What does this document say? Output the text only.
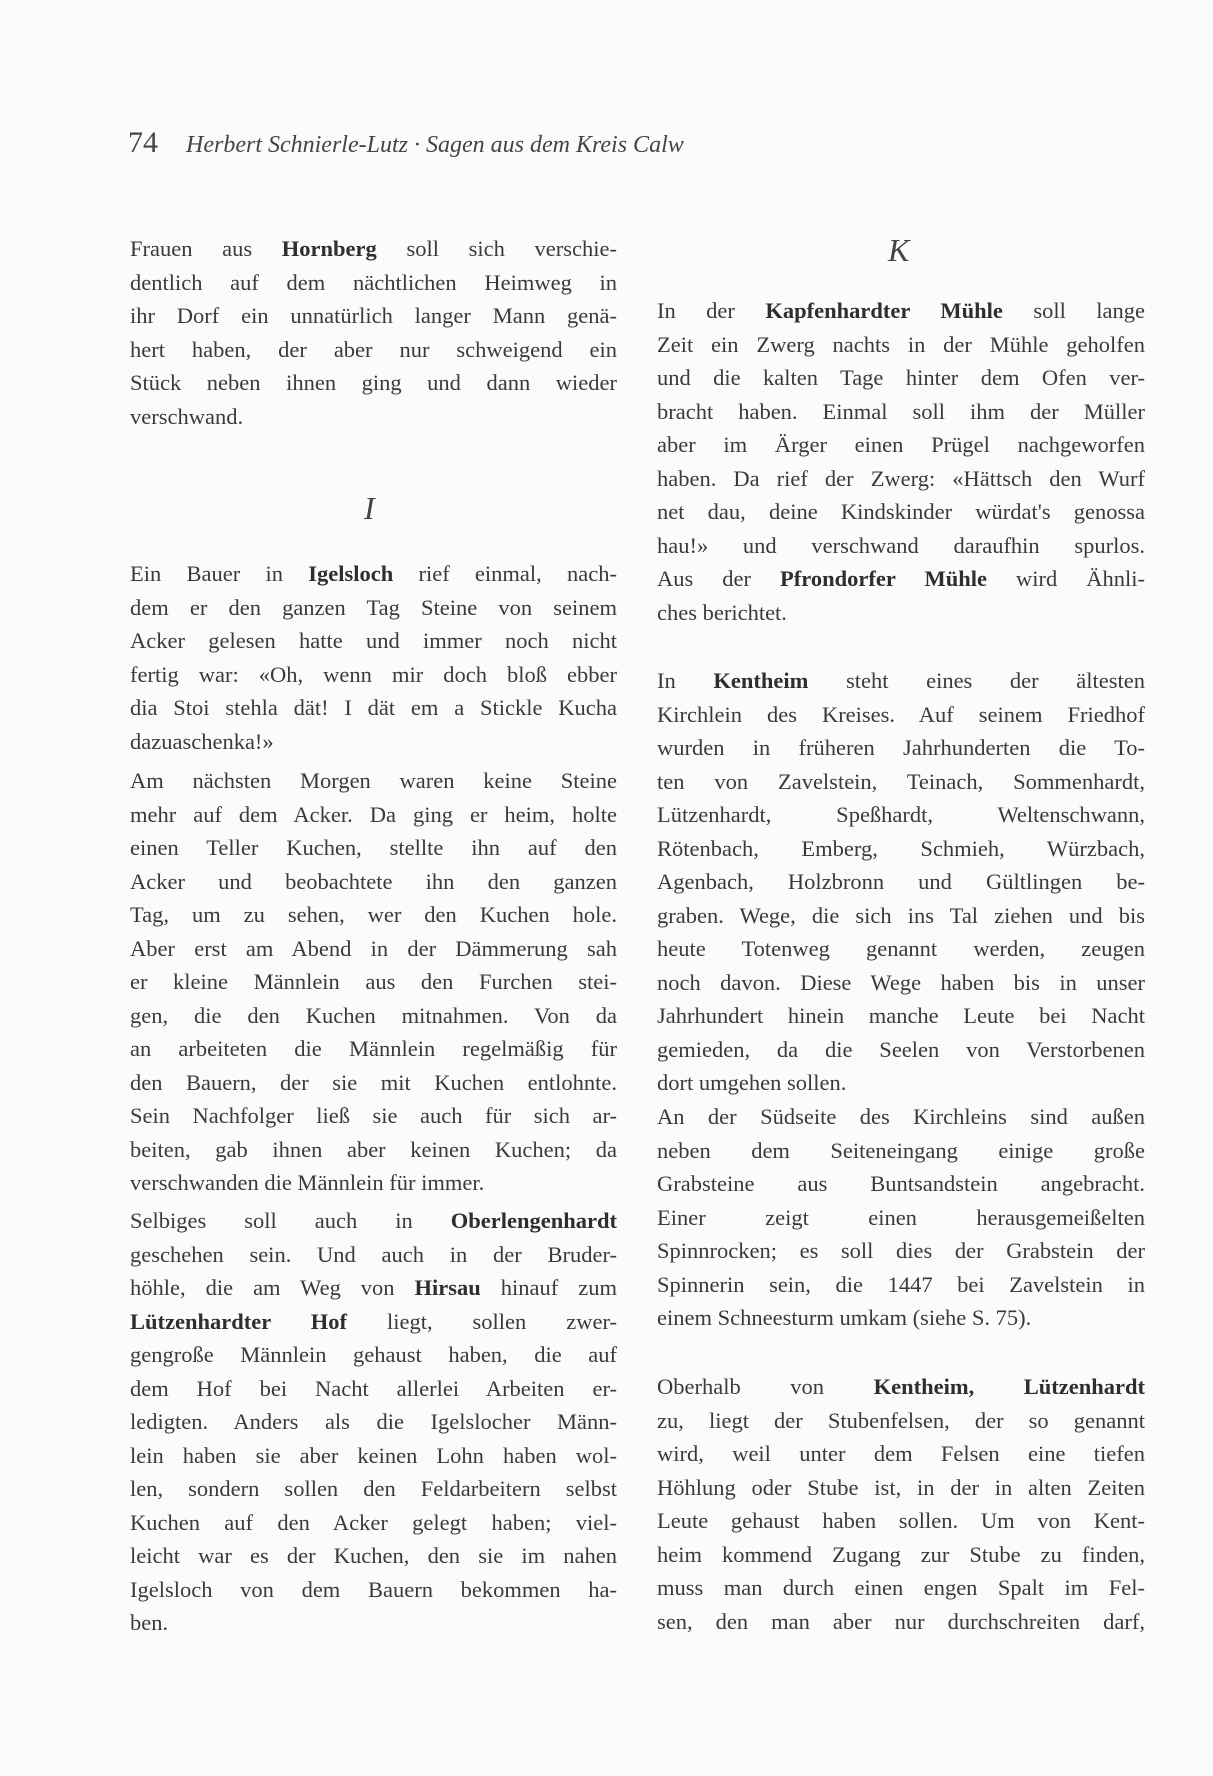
74 Herbert Schnierle-Lutz · Sagen aus dem Kreis Calw
I
K
Frauen aus Hornberg soll sich verschie-
dentlich auf dem nächtlichen Heimweg in
ihr Dorf ein unnatürlich langer Mann genä-
hert haben, der aber nur schweigend ein
Stück neben ihnen ging und dann wieder
verschwand.
Ein Bauer in Igelsloch rief einmal, nach-
dem er den ganzen Tag Steine von seinem
Acker gelesen hatte und immer noch nicht
fertig war: «Oh, wenn mir doch bloß ebber
dia Stoi stehla dät! I dät em a Stickle Kucha
dazuaschenka!»
Am nächsten Morgen waren keine Steine
mehr auf dem Acker. Da ging er heim, holte
einen Teller Kuchen, stellte ihn auf den
Acker und beobachtete ihn den ganzen
Tag, um zu sehen, wer den Kuchen hole.
Aber erst am Abend in der Dämmerung sah
er kleine Männlein aus den Furchen stei-
gen, die den Kuchen mitnahmen. Von da
an arbeiteten die Männlein regelmäßig für
den Bauern, der sie mit Kuchen entlohnte.
Sein Nachfolger ließ sie auch für sich ar-
beiten, gab ihnen aber keinen Kuchen; da
verschwanden die Männlein für immer.
Selbiges soll auch in Oberlengenhardt
geschehen sein. Und auch in der Bruder-
höhle, die am Weg von Hirsau hinauf zum
Lützenhardter Hof liegt, sollen zwer-
gengroße Männlein gehaust haben, die auf
dem Hof bei Nacht allerlei Arbeiten er-
ledigten. Anders als die Igelslocher Männ-
lein haben sie aber keinen Lohn haben wol-
len, sondern sollen den Feldarbeitern selbst
Kuchen auf den Acker gelegt haben; viel-
leicht war es der Kuchen, den sie im nahen
Igelsloch von dem Bauern bekommen ha-
ben.
In der Kapfenhardter Mühle soll lange
Zeit ein Zwerg nachts in der Mühle geholfen
und die kalten Tage hinter dem Ofen ver-
bracht haben. Einmal soll ihm der Müller
aber im Ärger einen Prügel nachgeworfen
haben. Da rief der Zwerg: «Hättsch den Wurf
net dau, deine Kindskinder würdat's genossa
hau!» und verschwand daraufhin spurlos.
Aus der Pfrondorfer Mühle wird Ähnli-
ches berichtet.
In Kentheim steht eines der ältesten
Kirchlein des Kreises. Auf seinem Friedhof
wurden in früheren Jahrhunderten die To-
ten von Zavelstein, Teinach, Sommenhardt,
Lützenhardt, Speßhardt, Weltenschwann,
Rötenbach, Emberg, Schmieh, Würzbach,
Agenbach, Holzbronn und Gültlingen be-
graben. Wege, die sich ins Tal ziehen und bis
heute Totenweg genannt werden, zeugen
noch davon. Diese Wege haben bis in unser
Jahrhundert hinein manche Leute bei Nacht
gemieden, da die Seelen von Verstorbenen
dort umgehen sollen.
An der Südseite des Kirchleins sind außen
neben dem Seiteneingang einige große
Grabsteine aus Buntsandstein angebracht.
Einer zeigt einen herausgemeißelten
Spinnrocken; es soll dies der Grabstein der
Spinnerin sein, die 1447 bei Zavelstein in
einem Schneesturm umkam (siehe S. 75).
Oberhalb von Kentheim, Lützenhardt
zu, liegt der Stubenfelsen, der so genannt
wird, weil unter dem Felsen eine tiefen
Höhlung oder Stube ist, in der in alten Zeiten
Leute gehaust haben sollen. Um von Kent-
heim kommend Zugang zur Stube zu finden,
muss man durch einen engen Spalt im Fel-
sen, den man aber nur durchschreiten darf,
